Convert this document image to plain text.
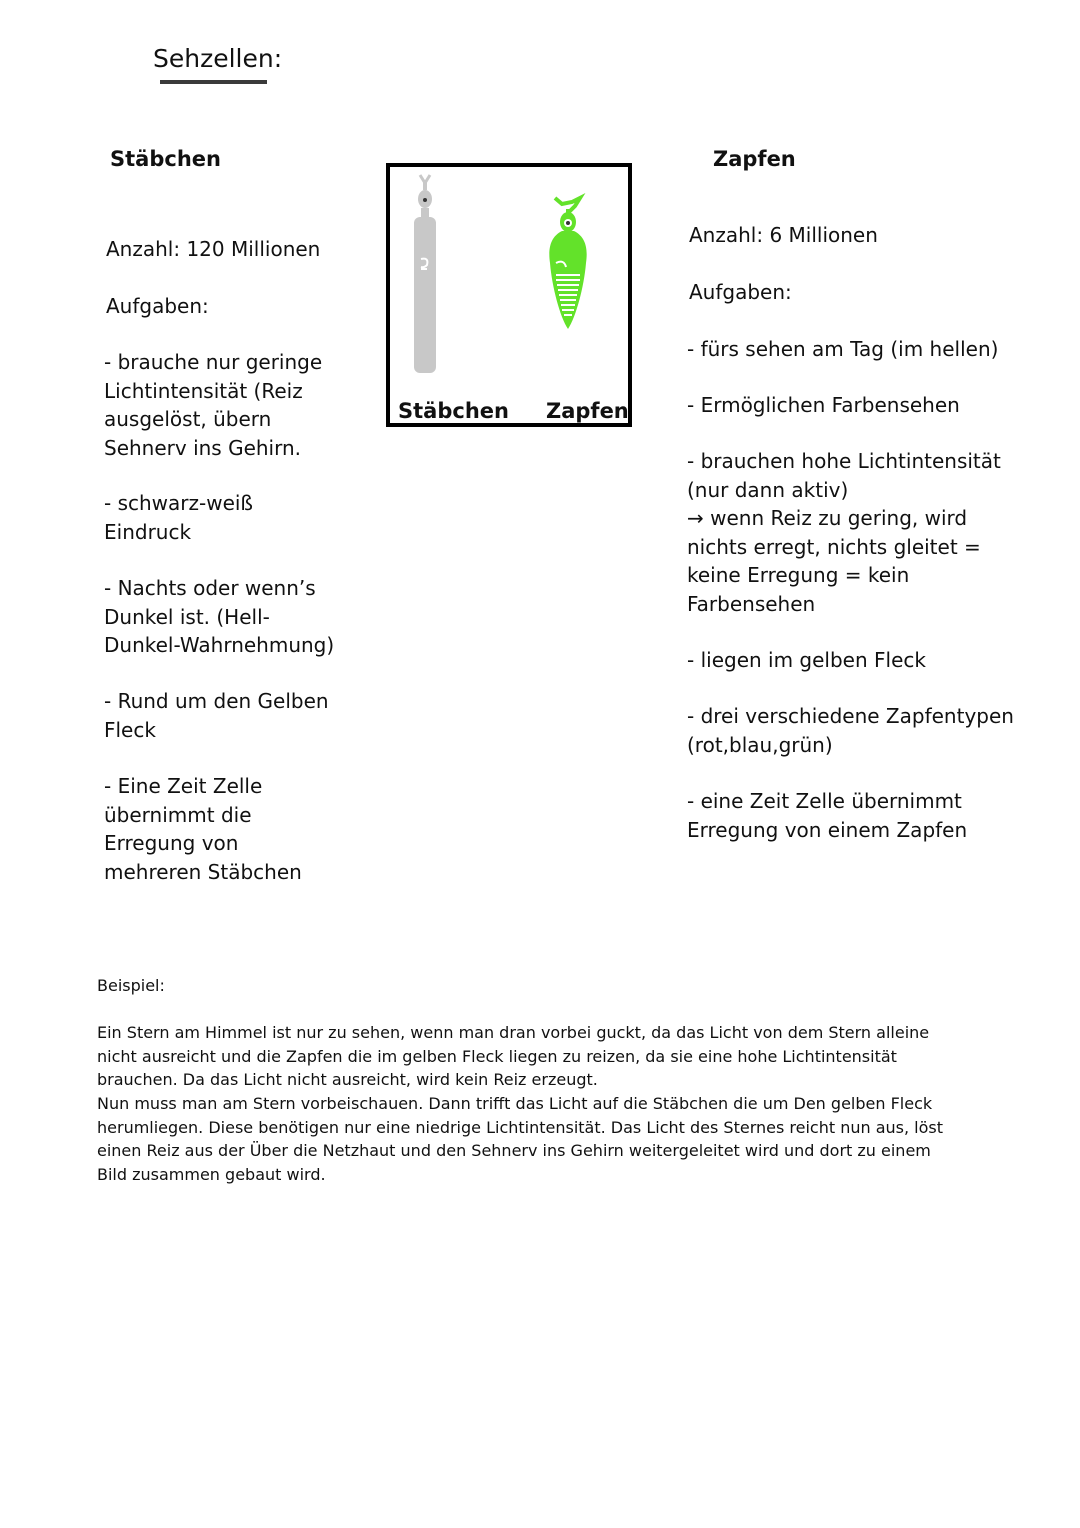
Sehzellen:
Stäbchen

Anzahl: 120 Millionen

Aufgaben:

- brauche nur geringe
Lichtintensität (Reiz
ausgelöst, übern
Sehnerv ins Gehirn.

- schwarz-weiß
Eindruck

- Nachts oder wenn’s
Dunkel ist. (Hell-
Dunkel-Wahrnehmung)

- Rund um den Gelben
Fleck

- Eine Zeit Zelle
übernimmt die
Erregung von
mehreren Stäbchen

Stäbchen Zapfen

Zapfen

Anzahl: 6 Millionen

Aufgaben:

- fürs sehen am Tag (im hellen)

- Ermöglichen Farbensehen

- brauchen hohe Lichtintensität
(nur dann aktiv)
→ wenn Reiz zu gering, wird
nichts erregt, nichts gleitet =
keine Erregung = kein
Farbensehen

- liegen im gelben Fleck

- drei verschiedene Zapfentypen
(rot,blau,grün)

- eine Zeit Zelle übernimmt
Erregung von einem Zapfen

Beispiel:

Ein Stern am Himmel ist nur zu sehen, wenn man dran vorbei guckt, da das Licht von dem Stern alleine
nicht ausreicht und die Zapfen die im gelben Fleck liegen zu reizen, da sie eine hohe Lichtintensität
brauchen. Da das Licht nicht ausreicht, wird kein Reiz erzeugt.

Nun muss man am Stern vorbeischauen. Dann trifft das Licht auf die Stäbchen die um Den gelben Fleck
herumliegen. Diese benötigen nur eine niedrige Lichtintensität. Das Licht des Sternes reicht nun aus, löst
einen Reiz aus der Über die Netzhaut und den Sehnerv ins Gehirn weitergeleitet wird und dort zu einem
Bild zusammen gebaut wird.
